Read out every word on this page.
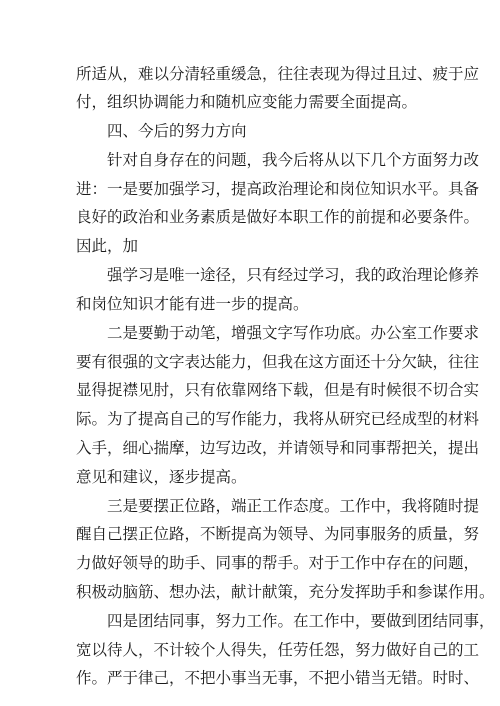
所适从，难以分清轻重缓急，往往表现为得过且过、疲于应

付，组织协调能力和随机应变能力需要全面提高。

四、今后的努力方向

针对自身存在的问题，我今后将从以下几个方面努力改

进：一是要加强学习，提高政治理论和岗位知识水平。具备

良好的政治和业务素质是做好本职工作的前提和必要条件。

因此，加

强学习是唯一途径，只有经过学习，我的政治理论修养

和岗位知识才能有进一步的提高。

二是要勤于动笔，增强文字写作功底。办公室工作要求

要有很强的文字表达能力，但我在这方面还十分欠缺，往往

显得捉襟见肘，只有依靠网络下载，但是有时候很不切合实

际。为了提高自己的写作能力，我将从研究已经成型的材料

入手，细心揣摩，边写边改，并请领导和同事帮把关，提出

意见和建议，逐步提高。

三是要摆正位路，端正工作态度。工作中，我将随时提

醒自己摆正位路，不断提高为领导、为同事服务的质量，努

力做好领导的助手、同事的帮手。对于工作中存在的问题，

积极动脑筋、想办法，献计献策，充分发挥助手和参谋作用。

四是团结同事，努力工作。在工作中，要做到团结同事，

宽以待人，不计较个人得失，任劳任怨，努力做好自己的工

作。严于律己，不把小事当无事，不把小错当无错。时时、
